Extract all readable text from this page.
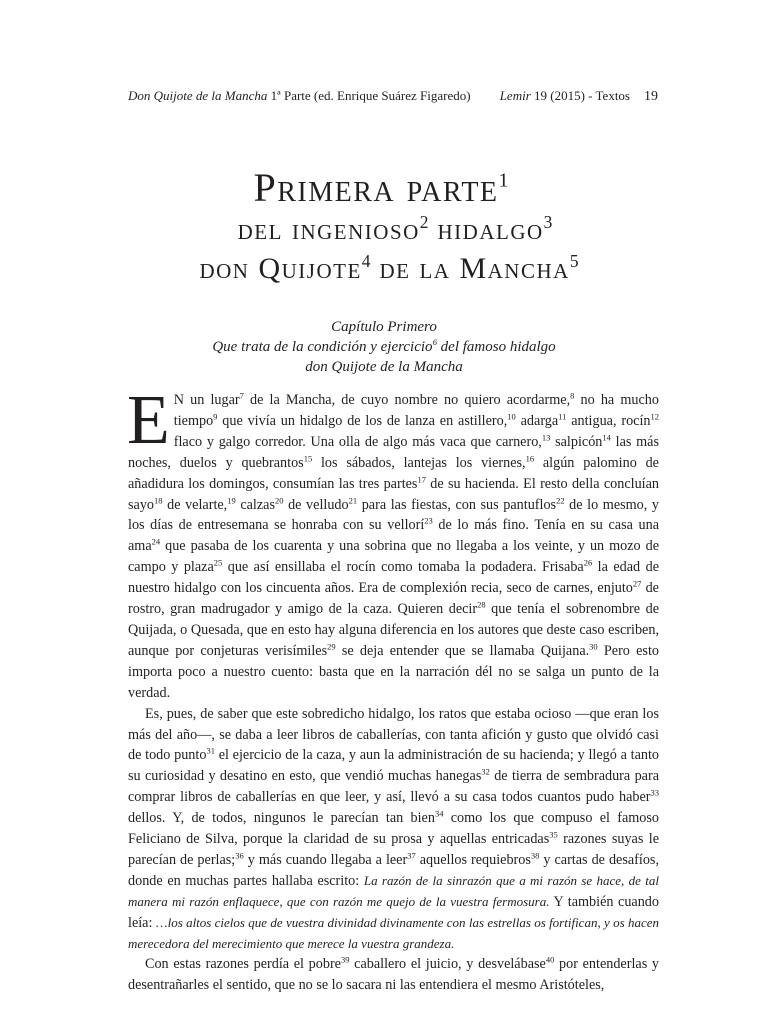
Don Quijote de la Mancha 1ª Parte (ed. Enrique Suárez Figaredo) Lemir 19 (2015) - Textos 19
Primera parte$^1$
del ingenioso$^2$ hidalgo$^3$
don Quijote$^4$ de la Mancha$^5$
Capítulo Primero
Que trata de la condición y ejercicio$^6$ del famoso hidalgo
don Quijote de la Mancha

E N un lugar$^7$ de la Mancha, de cuyo nombre no quiero acordarme,$^8$ no ha mucho tiempo$^9$ que vivía un hidalgo de los de lanza en astillero,$^{10}$ adarga$^{11}$ antigua, rocín$^{12}$ flaco y galgo corredor. Una olla de algo más vaca que carnero,$^{13}$ salpicón$^{14}$ las más noches, duelos y quebrantos$^{15}$ los sábados, lantejas los viernes,$^{16}$ algún palomino de añadidura los domingos, consumían las tres partes$^{17}$ de su hacienda. El resto della concluían sayo$^{18}$ de velarte,$^{19}$ calzas$^{20}$ de velludo$^{21}$ para las fiestas, con sus pantuflos$^{22}$ de lo mesmo, y los días de entresemana se honraba con su vellorí$^{23}$ de lo más fino. Tenía en su casa una ama$^{24}$ que pasaba de los cuarenta y una sobrina que no llegaba a los veinte, y un mozo de campo y plaza$^{25}$ que así ensillaba el rocín como tomaba la podadera. Frisaba$^{26}$ la edad de nuestro hidalgo con los cincuenta años. Era de complexión recia, seco de carnes, enjuto$^{27}$ de rostro, gran madrugador y amigo de la caza. Quieren decir$^{28}$ que tenía el sobrenombre de Quijada, o Quesada, que en esto hay alguna diferencia en los autores que deste caso escriben, aunque por conjeturas verisímiles$^{29}$ se deja entender que se llamaba Quijana.$^{30}$ Pero esto importa poco a nuestro cuento: basta que en la narración dél no se salga un punto de la verdad.

Es, pues, de saber que este sobredicho hidalgo, los ratos que estaba ocioso —que eran los más del año—, se daba a leer libros de caballerías, con tanta afición y gusto que olvidó casi de todo punto$^{31}$ el ejercicio de la caza, y aun la administración de su hacienda; y llegó a tanto su curiosidad y desatino en esto, que vendió muchas hanegas$^{32}$ de tierra de sembradura para comprar libros de caballerías en que leer, y así, llevó a su casa todos cuantos pudo haber$^{33}$ dellos. Y, de todos, ningunos le parecían tan bien$^{34}$ como los que compuso el famoso Feliciano de Silva, porque la claridad de su prosa y aquellas entricadas$^{35}$ razones suyas le parecían de perlas;$^{36}$ y más cuando llegaba a leer$^{37}$ aquellos requiebros$^{38}$ y cartas de desafíos, donde en muchas partes hallaba escrito: La razón de la sinrazón que a mi razón se hace, de tal manera mi razón enflaquece, que con razón me quejo de la vuestra fermosura. Y también cuando leía: …los altos cielos que de vuestra divinidad divinamente con las estrellas os fortifican, y os hacen merecedora del merecimiento que merece la vuestra grandeza.

Con estas razones perdía el pobre$^{39}$ caballero el juicio, y desvelábase$^{40}$ por entenderlas y desentrañarles el sentido, que no se lo sacara ni las entendiera el mesmo Aristóteles,
